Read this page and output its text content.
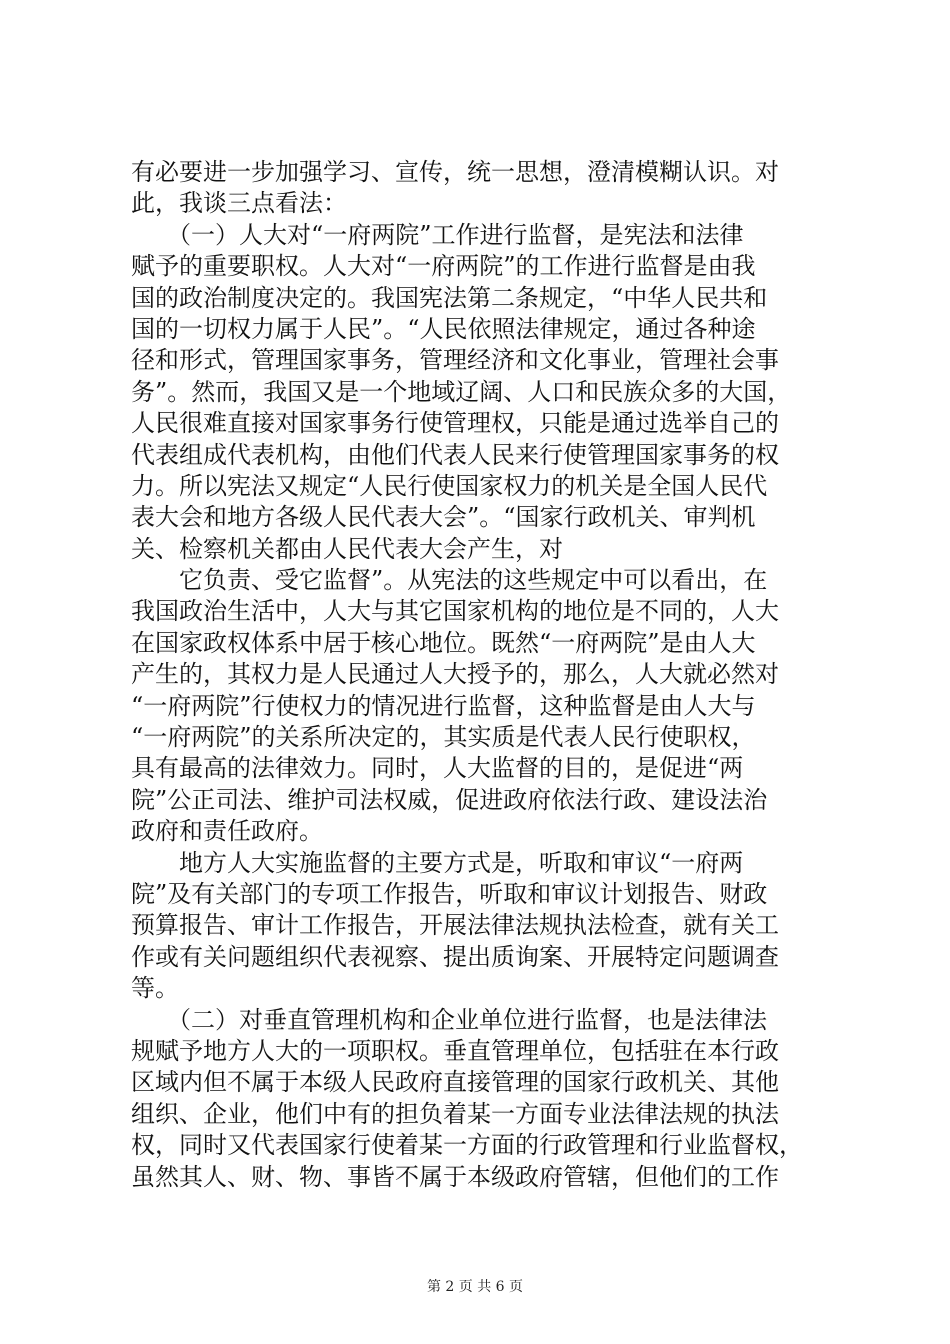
有必要进一步加强学习、宣传，统一思想，澄清模糊认识。对
此，我谈三点看法：
　　（一）人大对“一府两院”工作进行监督，是宪法和法律
赋予的重要职权。人大对“一府两院”的工作进行监督是由我
国的政治制度决定的。我国宪法第二条规定，“中华人民共和
国的一切权力属于人民”。“人民依照法律规定，通过各种途
径和形式，管理国家事务，管理经济和文化事业，管理社会事
务”。然而，我国又是一个地域辽阔、人口和民族众多的大国，
人民很难直接对国家事务行使管理权，只能是通过选举自己的
代表组成代表机构，由他们代表人民来行使管理国家事务的权
力。所以宪法又规定“人民行使国家权力的机关是全国人民代
表大会和地方各级人民代表大会”。“国家行政机关、审判机
关、检察机关都由人民代表大会产生，对
　　它负责、受它监督”。从宪法的这些规定中可以看出，在
我国政治生活中，人大与其它国家机构的地位是不同的，人大
在国家政权体系中居于核心地位。既然“一府两院”是由人大
产生的，其权力是人民通过人大授予的，那么，人大就必然对
“一府两院”行使权力的情况进行监督，这种监督是由人大与
“一府两院”的关系所决定的，其实质是代表人民行使职权，
具有最高的法律效力。同时，人大监督的目的，是促进“两
院”公正司法、维护司法权威，促进政府依法行政、建设法治
政府和责任政府。
　　地方人大实施监督的主要方式是，听取和审议“一府两
院”及有关部门的专项工作报告，听取和审议计划报告、财政
预算报告、审计工作报告，开展法律法规执法检查，就有关工
作或有关问题组织代表视察、提出质询案、开展特定问题调查
等。
　　（二）对垂直管理机构和企业单位进行监督，也是法律法
规赋予地方人大的一项职权。垂直管理单位，包括驻在本行政
区域内但不属于本级人民政府直接管理的国家行政机关、其他
组织、企业，他们中有的担负着某一方面专业法律法规的执法
权，同时又代表国家行使着某一方面的行政管理和行业监督权，
虽然其人、财、物、事皆不属于本级政府管辖，但他们的工作
第 2 页 共 6 页
